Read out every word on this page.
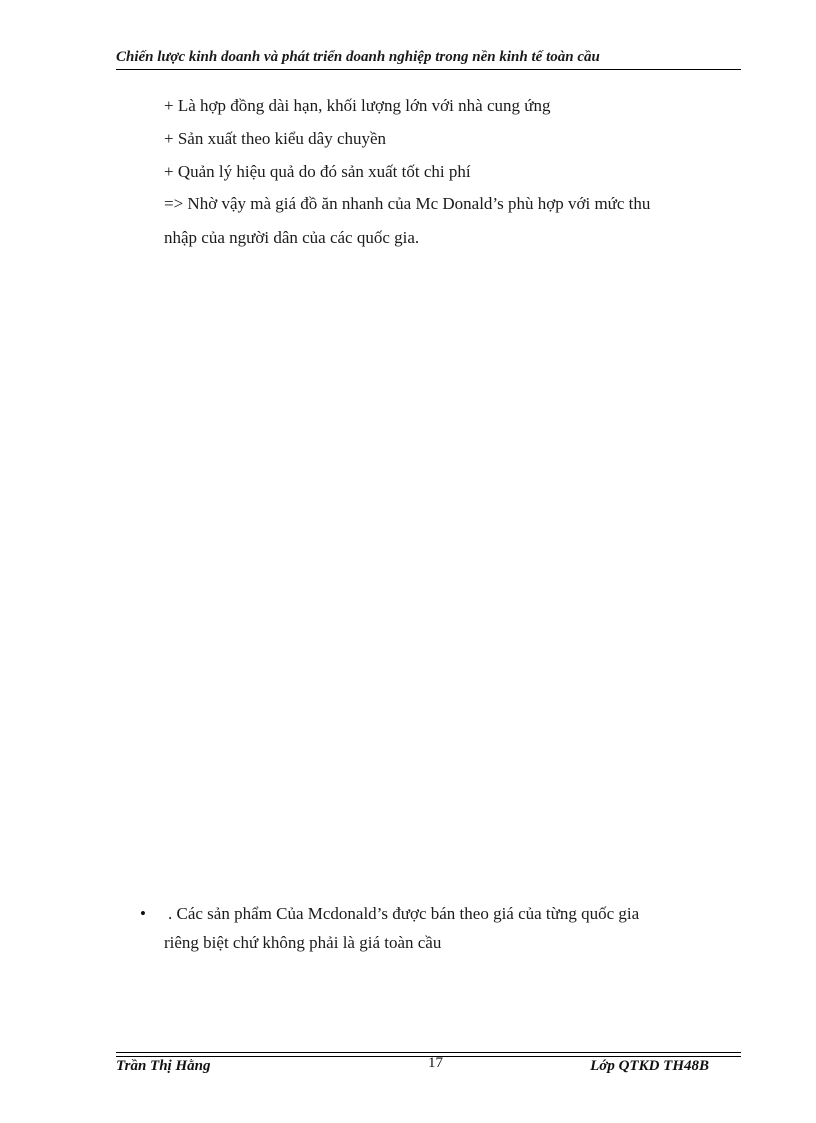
Chiến lược kinh doanh và phát triển doanh nghiệp trong nền kinh tế toàn cầu
+ Là hợp đồng dài hạn, khối lượng lớn với nhà cung ứng
+ Sản xuất theo kiểu dây chuyền
+ Quản lý hiệu quả do đó sản xuất tốt chi phí
=> Nhờ vậy mà giá đồ ăn nhanh của Mc Donald’s phù hợp với mức thu
nhập của người dân của các quốc gia.
• . Các sản phẩm Của Mcdonald’s được bán theo giá của từng quốc gia
riêng biệt chứ không phải là giá toàn cầu
Trần Thị Hằng	17	Lớp QTKD TH48B
